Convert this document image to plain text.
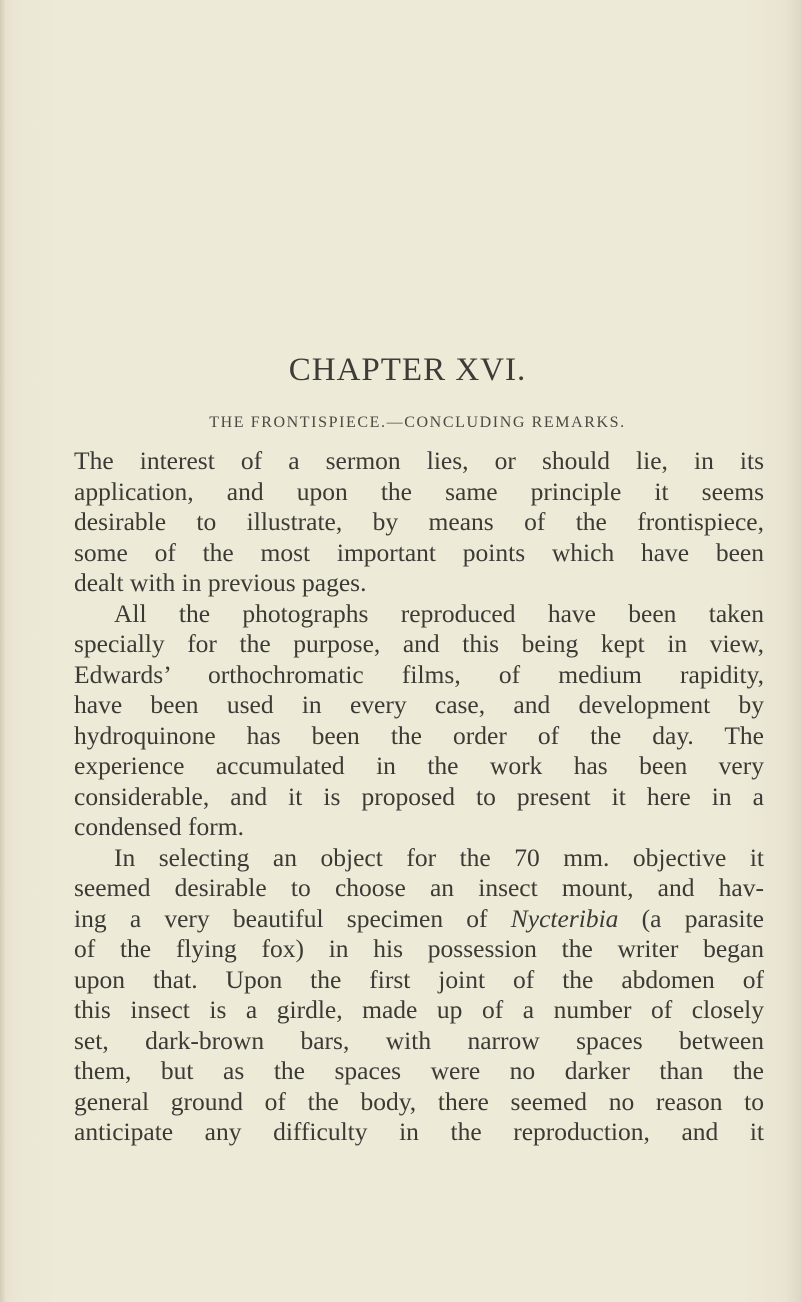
CHAPTER XVI.
THE FRONTISPIECE.—CONCLUDING REMARKS.

The interest of a sermon lies, or should lie, in its
application, and upon the same principle it seems
desirable to illustrate, by means of the frontispiece,
some of the most important points which have been
dealt with in previous pages.

All the photographs reproduced have been taken
specially for the purpose, and this being kept in view,
Edwards’ orthochromatic films, of medium rapidity,
have been used in every case, and development by
hydroquinone has been the order of the day. The
experience accumulated in the work has been very
considerable, and it is proposed to present it here in a
condensed form.

In selecting an object for the 70 mm. objective it
seemed desirable to choose an insect mount, and hav-
ing a very beautiful specimen of Nycteribia (a parasite
of the flying fox) in his possession the writer began
upon that. Upon the first joint of the abdomen of
this insect is a girdle, made up of a number of closely
set, dark-brown bars, with narrow spaces between
them, but as the spaces were no darker than the
general ground of the body, there seemed no reason to
anticipate any difficulty in the reproduction, and it
